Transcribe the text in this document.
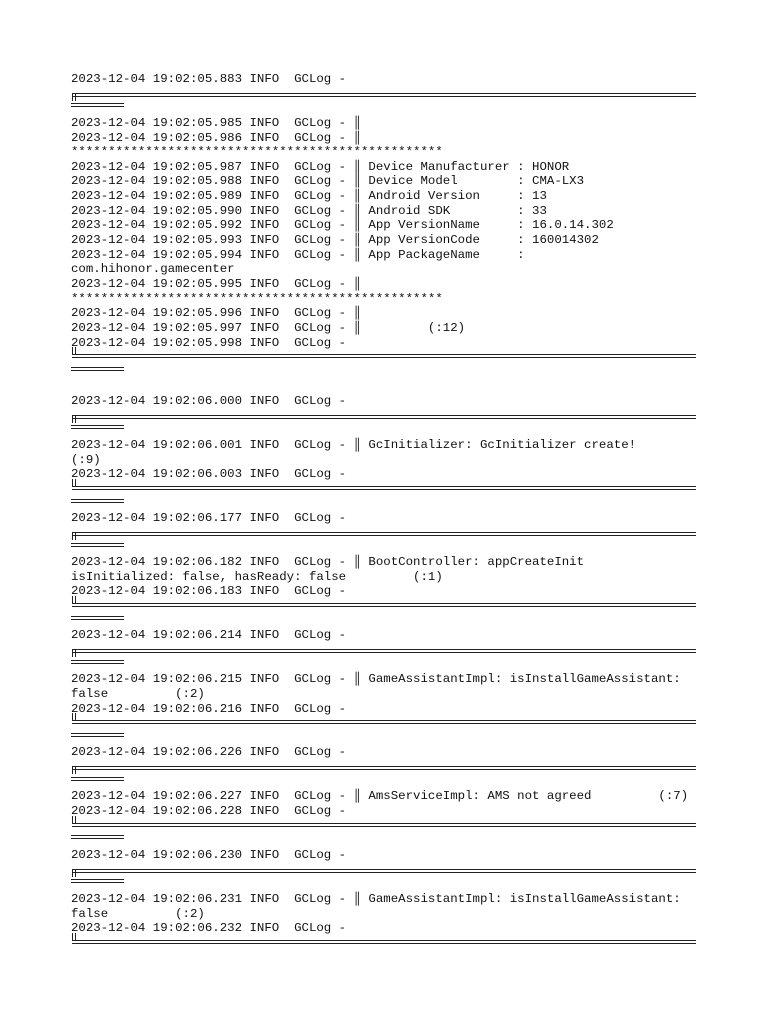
2023-12-04 19:02:05.883 INFO  GCLog -
2023-12-04 19:02:05.985 INFO  GCLog - ║
2023-12-04 19:02:05.986 INFO  GCLog - ║
**************************************************
2023-12-04 19:02:05.987 INFO  GCLog - ║ Device Manufacturer : HONOR
2023-12-04 19:02:05.988 INFO  GCLog - ║ Device Model        : CMA-LX3
2023-12-04 19:02:05.989 INFO  GCLog - ║ Android Version     : 13
2023-12-04 19:02:05.990 INFO  GCLog - ║ Android SDK         : 33
2023-12-04 19:02:05.992 INFO  GCLog - ║ App VersionName     : 16.0.14.302
2023-12-04 19:02:05.993 INFO  GCLog - ║ App VersionCode     : 160014302
2023-12-04 19:02:05.994 INFO  GCLog - ║ App PackageName     :
com.hihonor.gamecenter
2023-12-04 19:02:05.995 INFO  GCLog - ║
**************************************************
2023-12-04 19:02:05.996 INFO  GCLog - ║
2023-12-04 19:02:05.997 INFO  GCLog - ║         (:12)
2023-12-04 19:02:05.998 INFO  GCLog -
2023-12-04 19:02:06.000 INFO  GCLog -
2023-12-04 19:02:06.001 INFO  GCLog - ║ GcInitializer: GcInitializer create!
(:9)
2023-12-04 19:02:06.003 INFO  GCLog -
2023-12-04 19:02:06.177 INFO  GCLog -
2023-12-04 19:02:06.182 INFO  GCLog - ║ BootController: appCreateInit
isInitialized: false, hasReady: false         (:1)
2023-12-04 19:02:06.183 INFO  GCLog -
2023-12-04 19:02:06.214 INFO  GCLog -
2023-12-04 19:02:06.215 INFO  GCLog - ║ GameAssistantImpl: isInstallGameAssistant:
false         (:2)
2023-12-04 19:02:06.216 INFO  GCLog -
2023-12-04 19:02:06.226 INFO  GCLog -
2023-12-04 19:02:06.227 INFO  GCLog - ║ AmsServiceImpl: AMS not agreed         (:7)
2023-12-04 19:02:06.228 INFO  GCLog -
2023-12-04 19:02:06.230 INFO  GCLog -
2023-12-04 19:02:06.231 INFO  GCLog - ║ GameAssistantImpl: isInstallGameAssistant:
false         (:2)
2023-12-04 19:02:06.232 INFO  GCLog -
